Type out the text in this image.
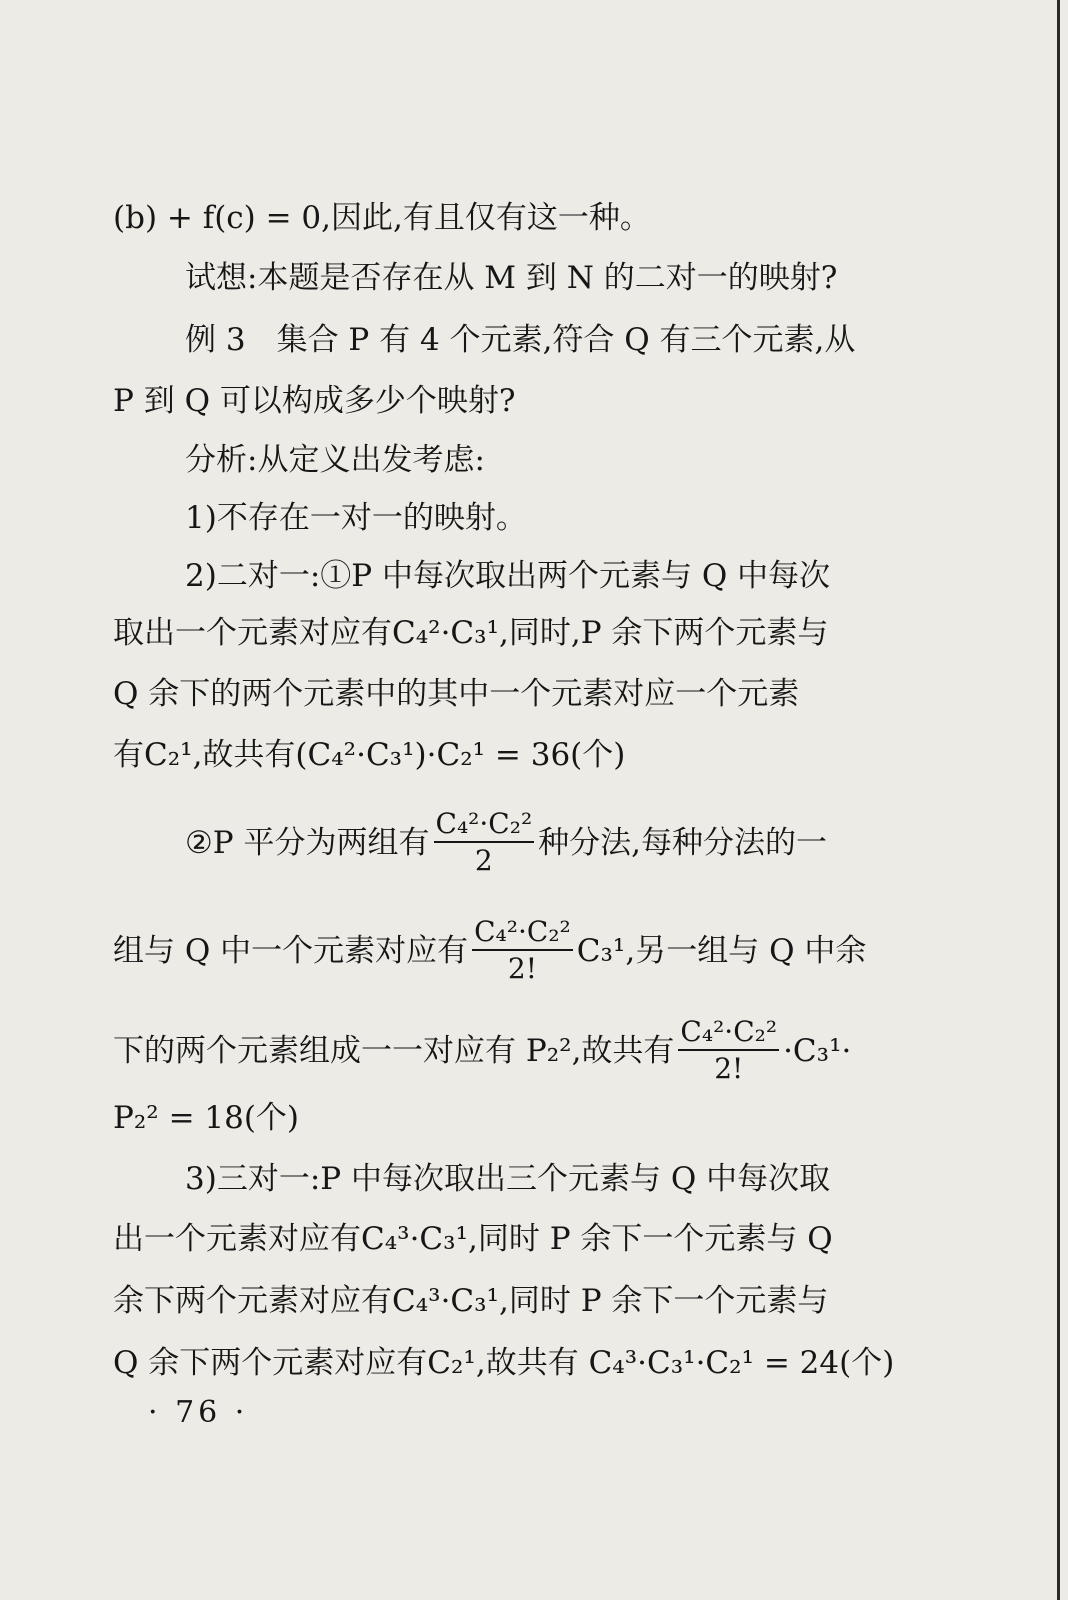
(b) + f(c) = 0,因此,有且仅有这一种。
试想:本题是否存在从 M 到 N 的二对一的映射?
例 3　集合 P 有 4 个元素,符合 Q 有三个元素,从
P 到 Q 可以构成多少个映射?
分析:从定义出发考虑:
1)不存在一对一的映射。
2)二对一:①P 中每次取出两个元素与 Q 中每次
取出一个元素对应有C₄²·C₃¹,同时,P 余下两个元素与
Q 余下的两个元素中的其中一个元素对应一个元素
有C₂¹,故共有(C₄²·C₃¹)·C₂¹ = 36(个)
②P 平分为两组有 $\frac{\text{C₄²·C₂²}}{2}$ 种分法,每种分法的一
组与 Q 中一个元素对应有 $\frac{\text{C₄²·C₂²}}{2!} C_3^1$,另一组与 Q 中余
下的两个元素组成一一对应有 P₂²,故共有 $\frac{\text{C₄²·C₂²}}{2!} \cdot C_3^1\cdot$
P₂² = 18(个)
3)三对一:P 中每次取出三个元素与 Q 中每次取
出一个元素对应有C₄³·C₃¹,同时 P 余下一个元素与 Q
余下两个元素对应有C₄³·C₃¹,同时 P 余下一个元素与
Q 余下两个元素对应有C₂¹,故共有 C₄³·C₃¹·C₂¹ = 24(个)
· 76 ·
